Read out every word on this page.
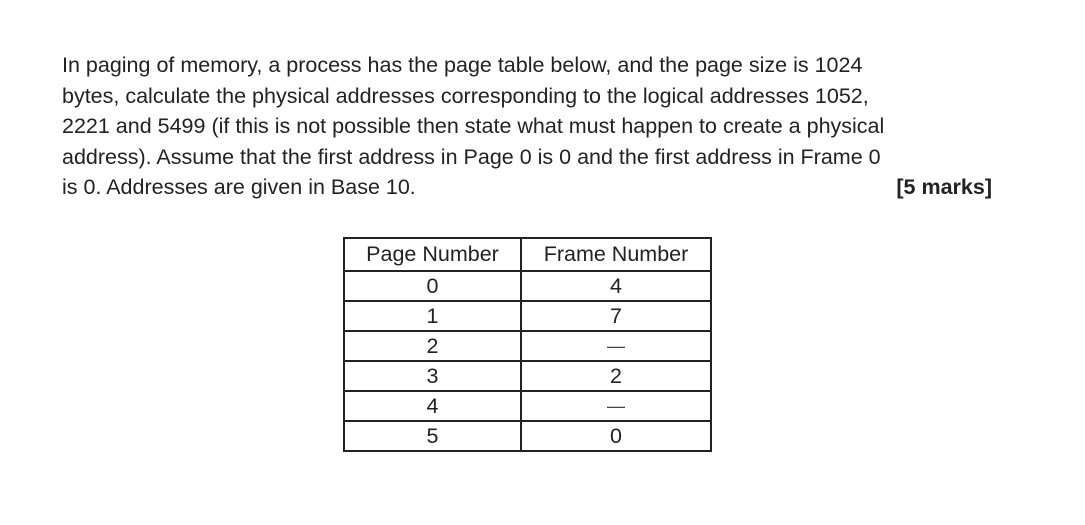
In paging of memory, a process has the page table below, and the page size is 1024

bytes, calculate the physical addresses corresponding to the logical addresses 1052,

2221 and 5499 (if this is not possible then state what must happen to create a physical

address). Assume that the first address in Page 0 is 0 and the first address in Frame 0

is 0. Addresses are given in Base 10.	[5 marks]

Page Number	Frame Number
0	4
1	7
2	—
3	2
4	—
5	0
